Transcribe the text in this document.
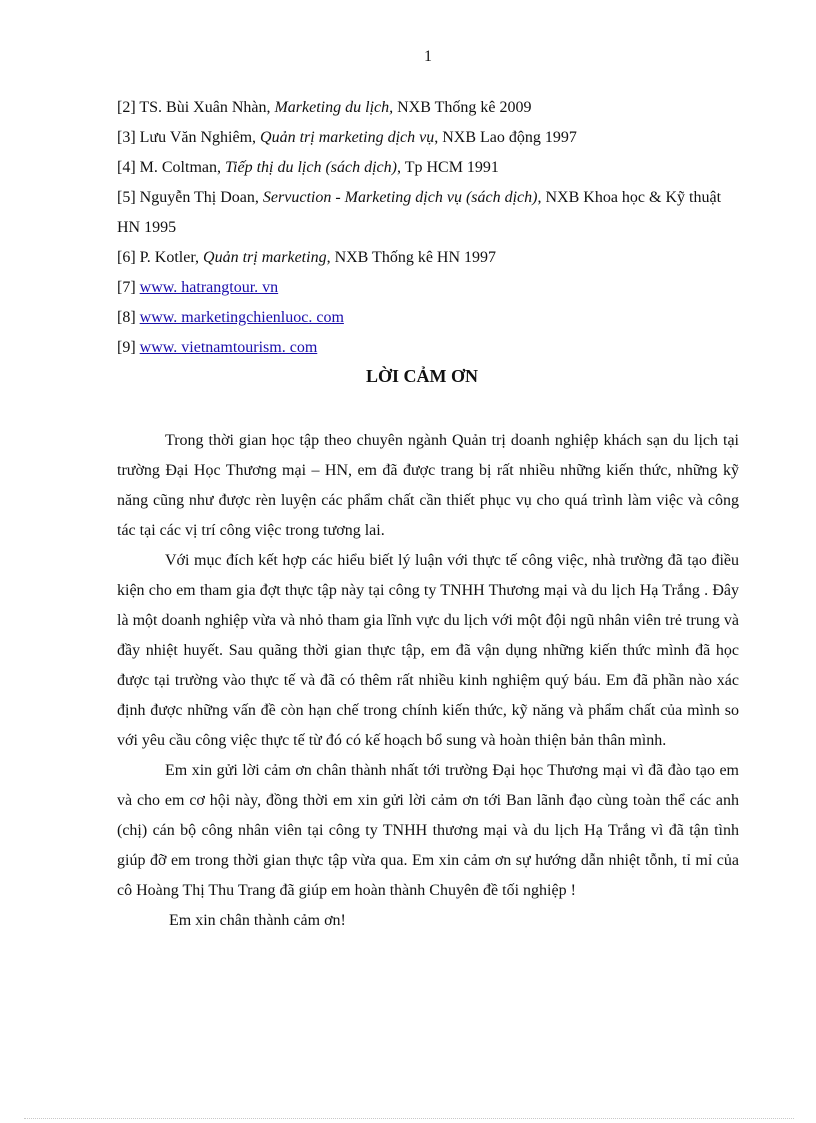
1

[2] TS. Bùi Xuân Nhàn, Marketing du lịch, NXB Thống kê 2009

[3] Lưu Văn Nghiêm, Quản trị marketing dịch vụ, NXB Lao động 1997

[4] M. Coltman, Tiếp thị du lịch (sách dịch), Tp HCM 1991

[5] Nguyễn Thị Doan, Servuction - Marketing dịch vụ (sách dịch), NXB Khoa học & Kỹ thuật HN 1995

[6] P. Kotler, Quản trị marketing, NXB Thống kê HN 1997

[7] www. hatrangtour. vn

[8] www. marketingchienluoc. com

[9] www. vietnamtourism. com

LỜI CẢM ƠN

Trong thời gian học tập theo chuyên ngành Quản trị doanh nghiệp khách sạn du lịch tại trường Đại Học Thương mại – HN, em đã được trang bị rất nhiều những kiến thức, những kỹ năng cũng như được rèn luyện các phẩm chất cần thiết phục vụ cho quá trình làm việc và công tác tại các vị trí công việc trong tương lai.

Với mục đích kết hợp các hiểu biết lý luận với thực tế công việc, nhà trường đã tạo điều kiện cho em tham gia đợt thực tập này tại công ty TNHH Thương mại và du lịch Hạ Trắng . Đây là một doanh nghiệp vừa và nhỏ tham gia lĩnh vực du lịch với một đội ngũ nhân viên trẻ trung và đầy nhiệt huyết. Sau quãng thời gian thực tập, em đã vận dụng những kiến thức mình đã học được tại trường vào thực tế và đã có thêm rất nhiều kinh nghiệm quý báu. Em đã phần nào xác định được những vấn đề còn hạn chế trong chính kiến thức, kỹ năng và phẩm chất của mình so với yêu cầu công việc thực tế từ đó có kế hoạch bổ sung và hoàn thiện bản thân mình.

Em xin gửi lời cảm ơn chân thành nhất tới trường Đại học Thương mại vì đã đào tạo em và cho em cơ hội này, đồng thời em xin gửi lời cảm ơn tới Ban lãnh đạo cùng toàn thể các anh (chị) cán bộ công nhân viên tại công ty TNHH thương mại và du lịch Hạ Trắng vì đã tận tình giúp đỡ em trong thời gian thực tập vừa qua. Em xin cảm ơn sự hướng dẫn nhiệt tỗnh, tỉ mỉ của cô Hoàng Thị Thu Trang đã giúp em hoàn thành Chuyên đề tối nghiệp !

Em xin chân thành cảm ơn!
